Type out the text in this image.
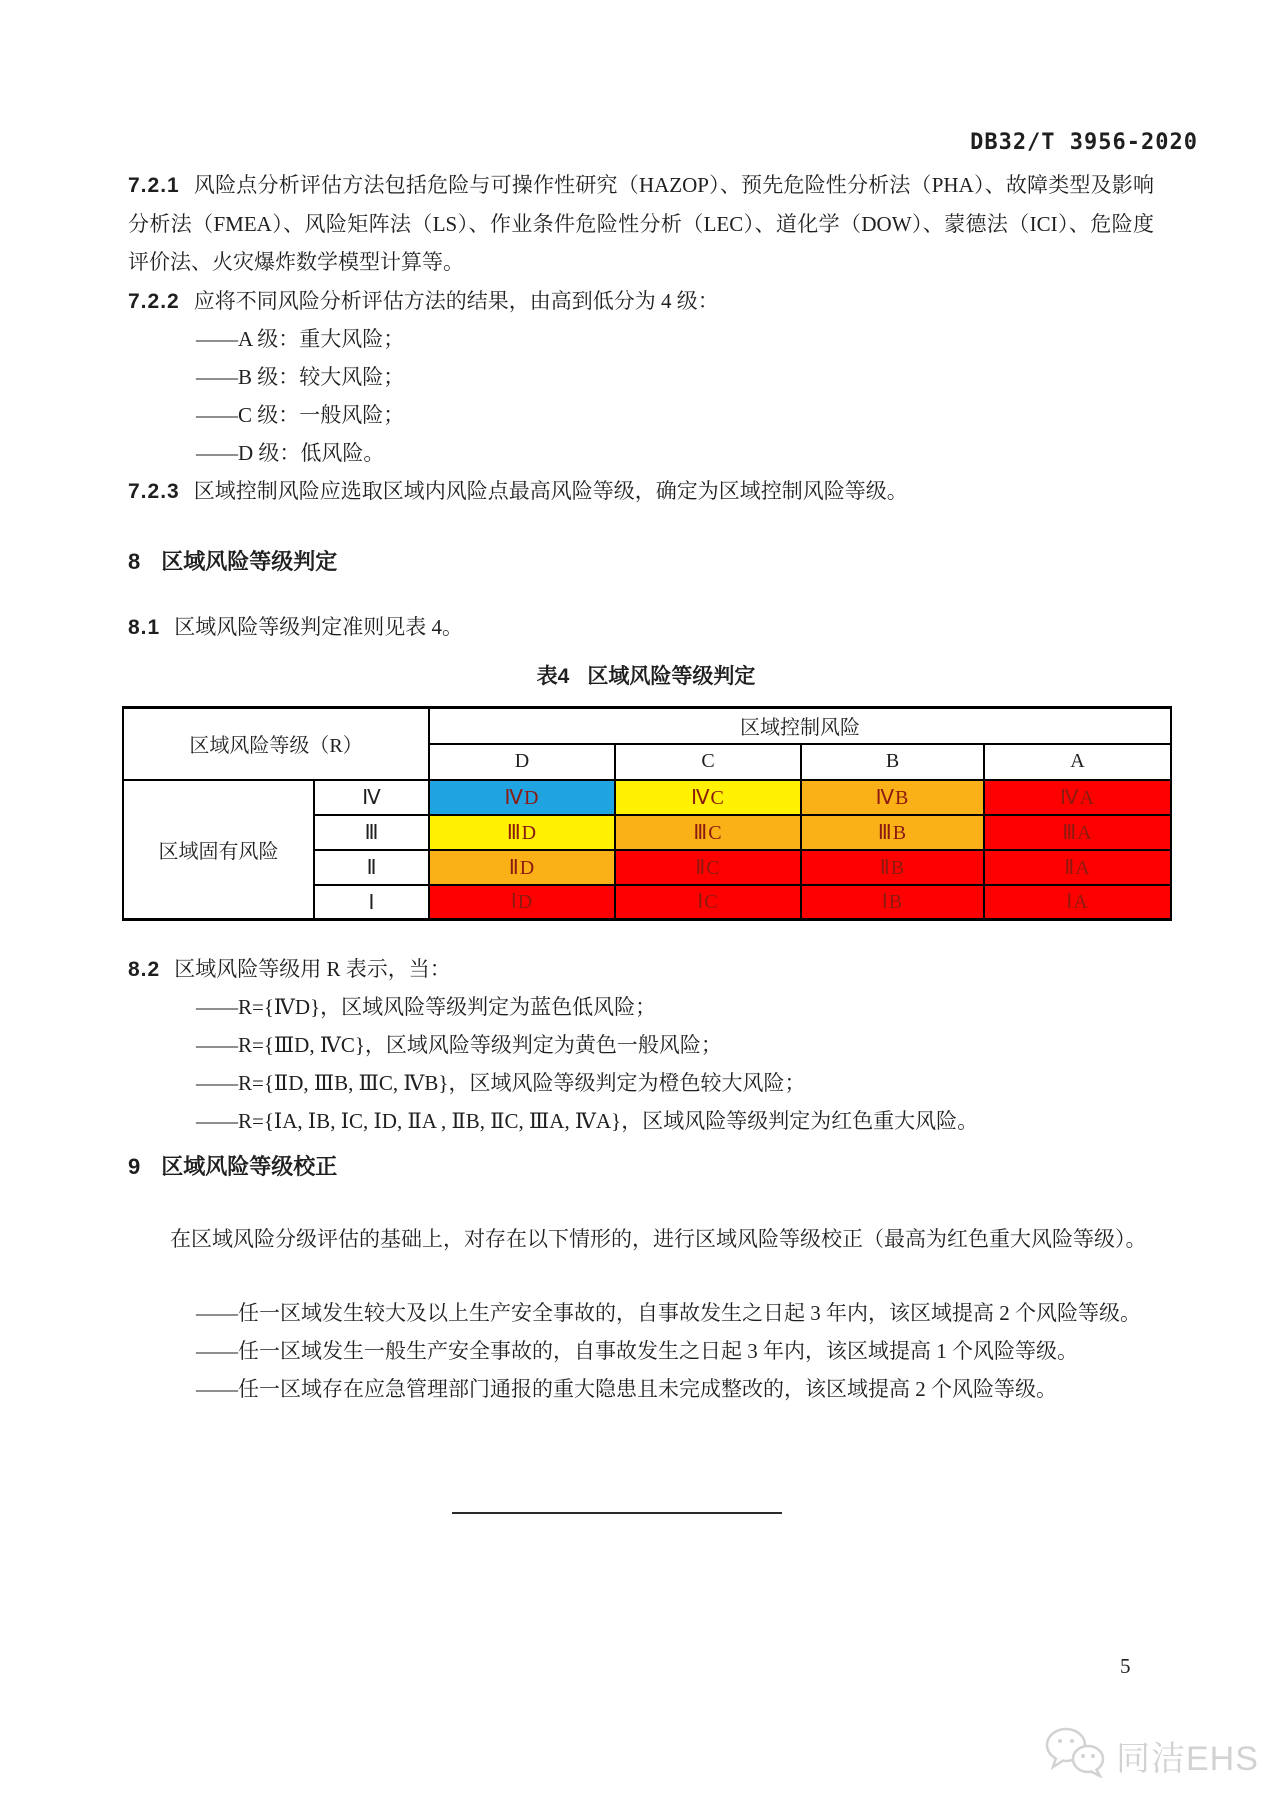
DB32/T 3956-2020
7.2.1 风险点分析评估方法包括危险与可操作性研究（HAZOP）、预先危险性分析法（PHA）、故障类型及影响分析法（FMEA）、风险矩阵法（LS）、作业条件危险性分析（LEC）、道化学（DOW）、蒙德法（ICI）、危险度评价法、火灾爆炸数学模型计算等。
7.2.2 应将不同风险分析评估方法的结果，由高到低分为 4 级：
——A 级：重大风险；
——B 级：较大风险；
——C 级：一般风险；
——D 级：低风险。
7.2.3 区域控制风险应选取区域内风险点最高风险等级，确定为区域控制风险等级。
8 区域风险等级判定
8.1 区域风险等级判定准则见表 4。
表4 区域风险等级判定
区域风险等级（R）		区域控制风险			
		D	C	B	A
区域固有风险	Ⅳ	ⅣD	ⅣC	ⅣB	ⅣA
	Ⅲ	ⅢD	ⅢC	ⅢB	ⅢA
	Ⅱ	ⅡD	ⅡC	ⅡB	ⅡA
	Ⅰ	ⅠD	ⅠC	ⅠB	ⅠA
8.2 区域风险等级用 R 表示，当：
——R={ⅣD}，区域风险等级判定为蓝色低风险；
——R={ⅢD, ⅣC}，区域风险等级判定为黄色一般风险；
——R={ⅡD, ⅢB, ⅢC, ⅣB}，区域风险等级判定为橙色较大风险；
——R={ⅠA, ⅠB, ⅠC, ⅠD, ⅡA , ⅡB, ⅡC, ⅢA, ⅣA}，区域风险等级判定为红色重大风险。
9 区域风险等级校正
在区域风险分级评估的基础上，对存在以下情形的，进行区域风险等级校正（最高为红色重大风险等级）。
——任一区域发生较大及以上生产安全事故的，自事故发生之日起 3 年内，该区域提高 2 个风险等级。
——任一区域发生一般生产安全事故的，自事故发生之日起 3 年内，该区域提高 1 个风险等级。
——任一区域存在应急管理部门通报的重大隐患且未完成整改的，该区域提高 2 个风险等级。
5
同洁EHS
